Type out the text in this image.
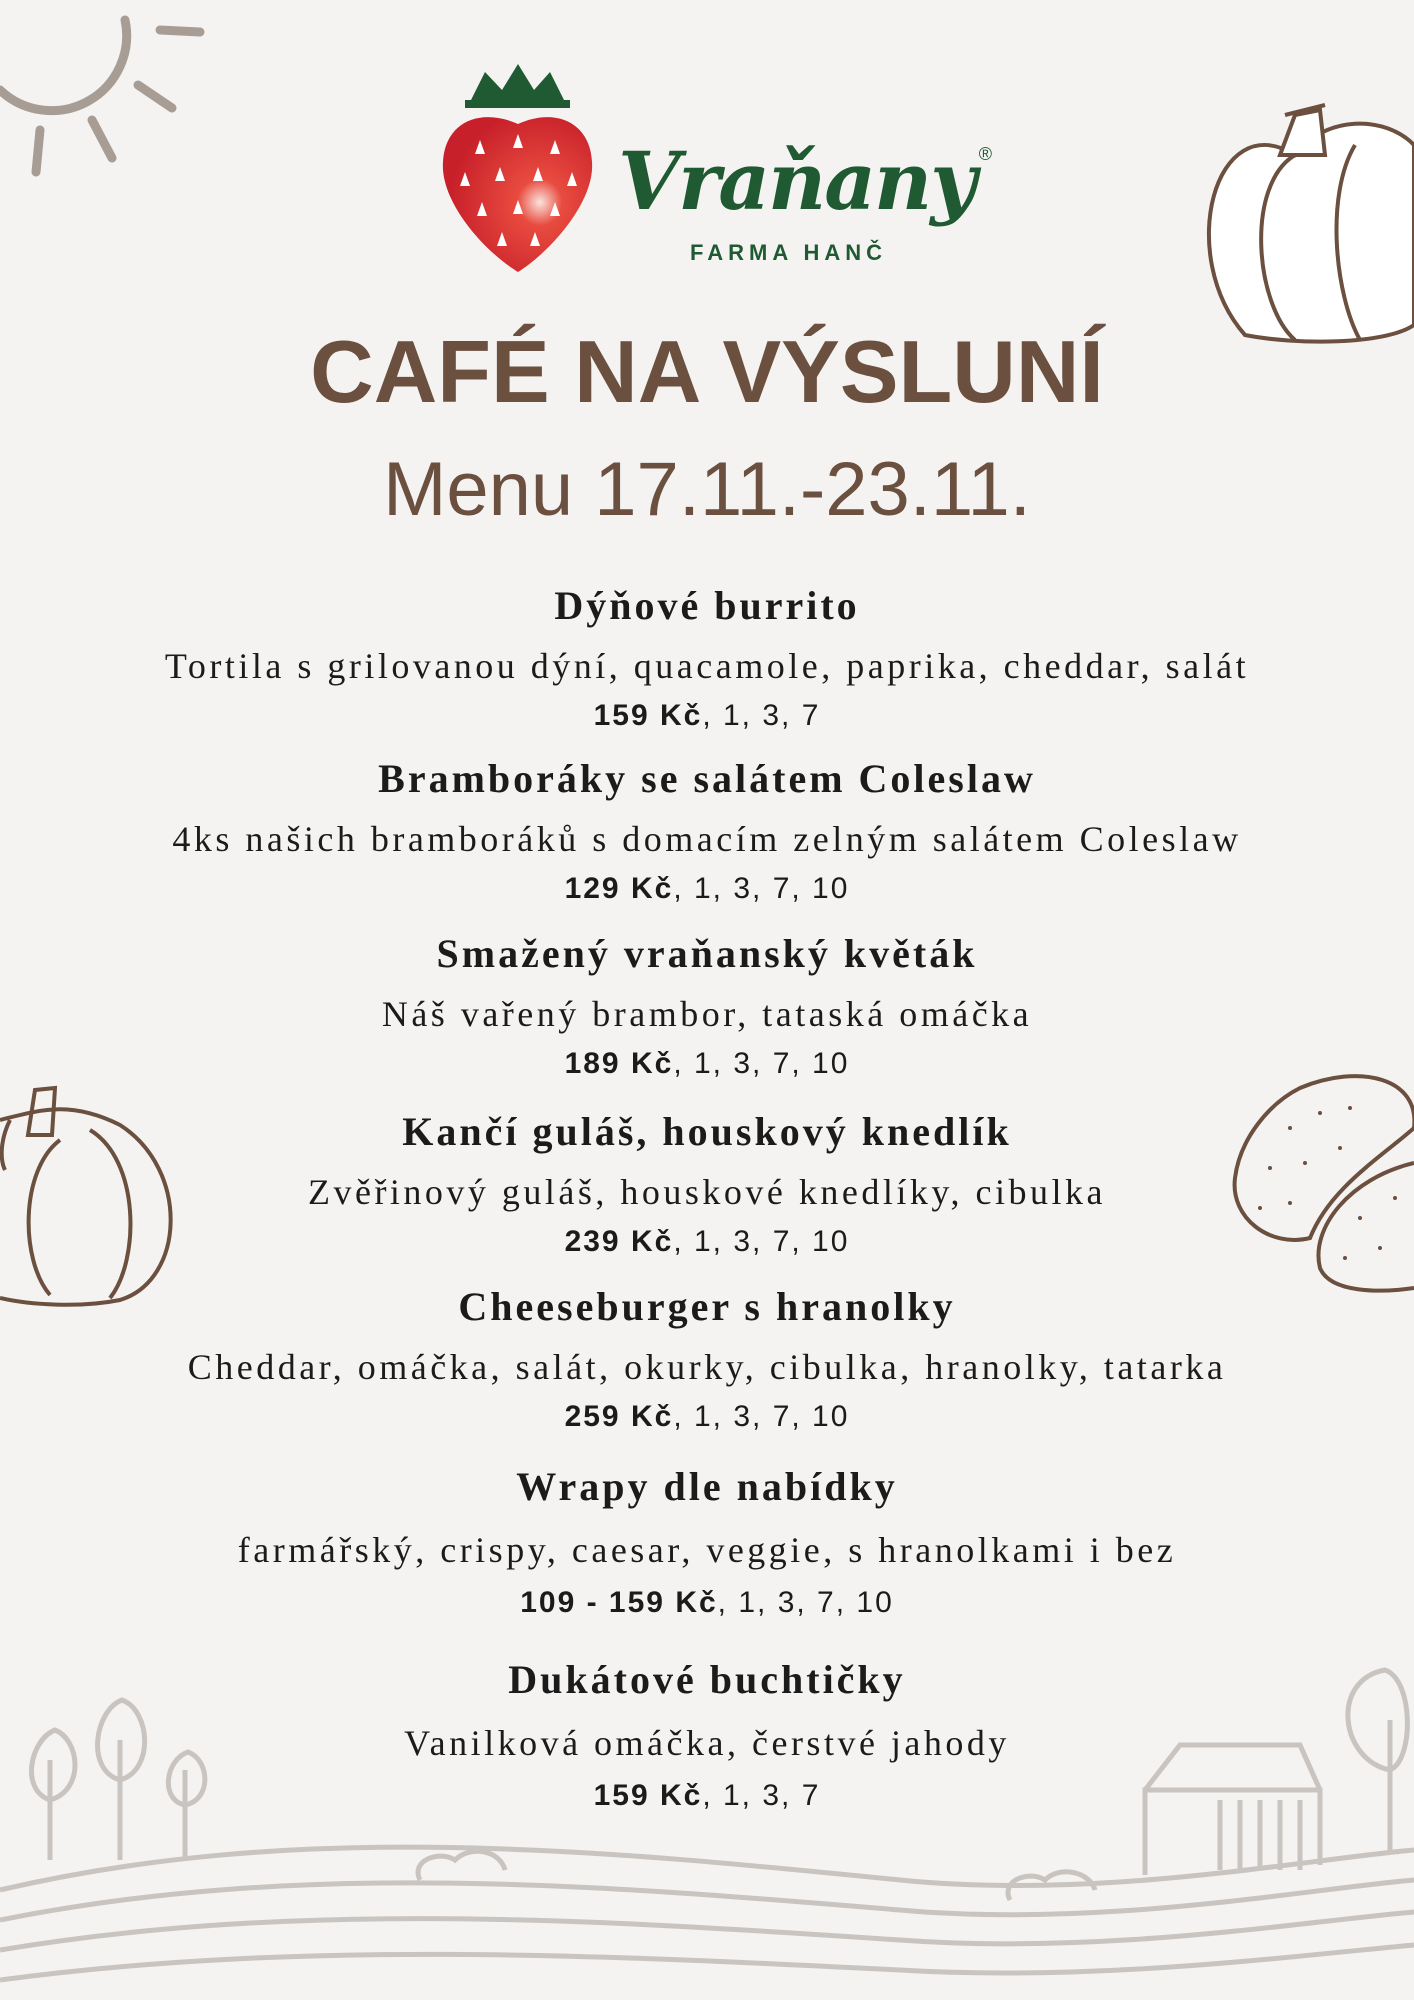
Vraňany ®
FARMA HANČ
CAFÉ NA VÝSLUNÍ
Menu 17.11.-23.11.
Dýňové burrito
Tortila s grilovanou dýní, quacamole, paprika, cheddar, salát
159 Kč, 1, 3, 7
Bramboráky se salátem Coleslaw
4ks našich bramboráků s domacím zelným salátem Coleslaw
129 Kč, 1, 3, 7, 10
Smažený vraňanský květák
Náš vařený brambor, tataská omáčka
189 Kč, 1, 3, 7, 10
Kančí guláš, houskový knedlík
Zvěřinový guláš, houskové knedlíky, cibulka
239 Kč, 1, 3, 7, 10
Cheeseburger s hranolky
Cheddar, omáčka, salát, okurky, cibulka, hranolky, tatarka
259 Kč, 1, 3, 7, 10
Wrapy dle nabídky
farmářský, crispy, caesar, veggie, s hranolkami i bez
109 - 159 Kč, 1, 3, 7, 10
Dukátové buchtičky
Vanilková omáčka, čerstvé jahody
159 Kč, 1, 3, 7
